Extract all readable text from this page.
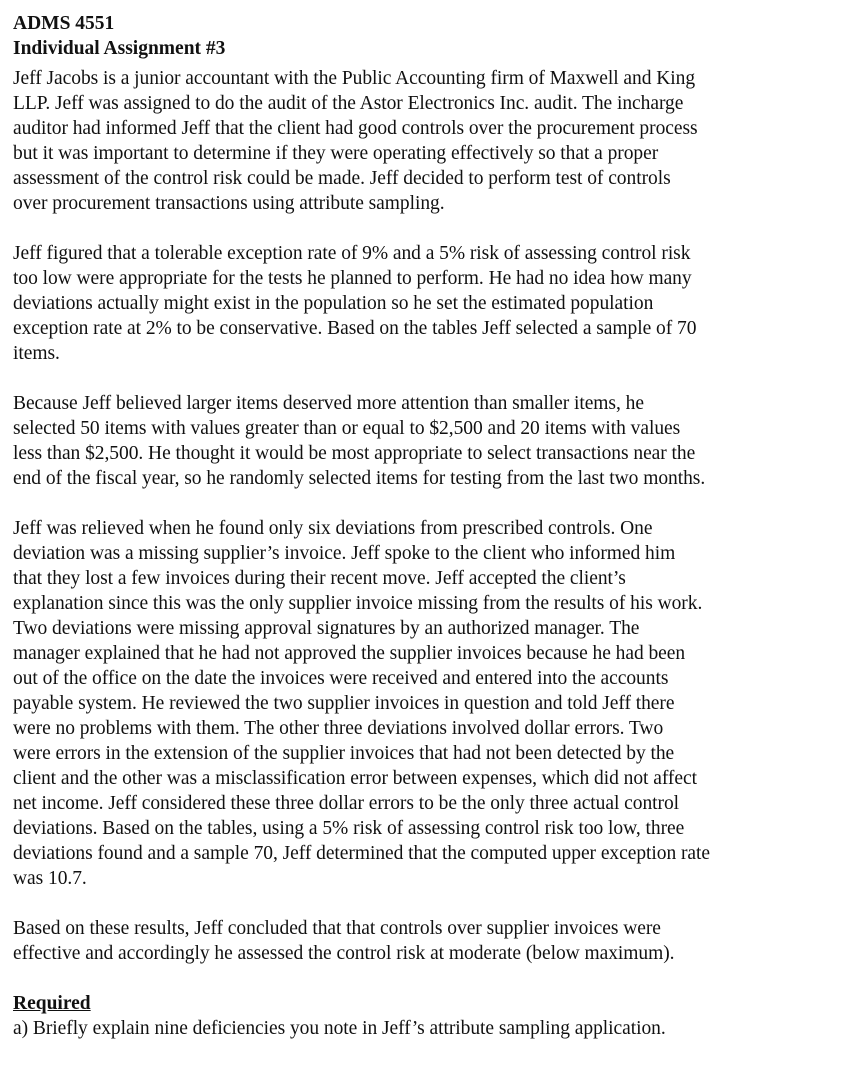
ADMS 4551

Individual Assignment #3

Jeff Jacobs is a junior accountant with the Public Accounting firm of Maxwell and King
LLP. Jeff was assigned to do the audit of the Astor Electronics Inc. audit. The incharge
auditor had informed Jeff that the client had good controls over the procurement process
but it was important to determine if they were operating effectively so that a proper
assessment of the control risk could be made. Jeff decided to perform test of controls
over procurement transactions using attribute sampling.

Jeff figured that a tolerable exception rate of 9% and a 5% risk of assessing control risk
too low were appropriate for the tests he planned to perform. He had no idea how many
deviations actually might exist in the population so he set the estimated population
exception rate at 2% to be conservative. Based on the tables Jeff selected a sample of 70
items.

Because Jeff believed larger items deserved more attention than smaller items, he
selected 50 items with values greater than or equal to $2,500 and 20 items with values
less than $2,500. He thought it would be most appropriate to select transactions near the
end of the fiscal year, so he randomly selected items for testing from the last two months.

Jeff was relieved when he found only six deviations from prescribed controls. One
deviation was a missing supplier’s invoice. Jeff spoke to the client who informed him
that they lost a few invoices during their recent move. Jeff accepted the client’s
explanation since this was the only supplier invoice missing from the results of his work.
Two deviations were missing approval signatures by an authorized manager. The
manager explained that he had not approved the supplier invoices because he had been
out of the office on the date the invoices were received and entered into the accounts
payable system. He reviewed the two supplier invoices in question and told Jeff there
were no problems with them. The other three deviations involved dollar errors. Two
were errors in the extension of the supplier invoices that had not been detected by the
client and the other was a misclassification error between expenses, which did not affect
net income. Jeff considered these three dollar errors to be the only three actual control
deviations. Based on the tables, using a 5% risk of assessing control risk too low, three
deviations found and a sample 70, Jeff determined that the computed upper exception rate
was 10.7.

Based on these results, Jeff concluded that that controls over supplier invoices were
effective and accordingly he assessed the control risk at moderate (below maximum).

Required

a) Briefly explain nine deficiencies you note in Jeff’s attribute sampling application.
